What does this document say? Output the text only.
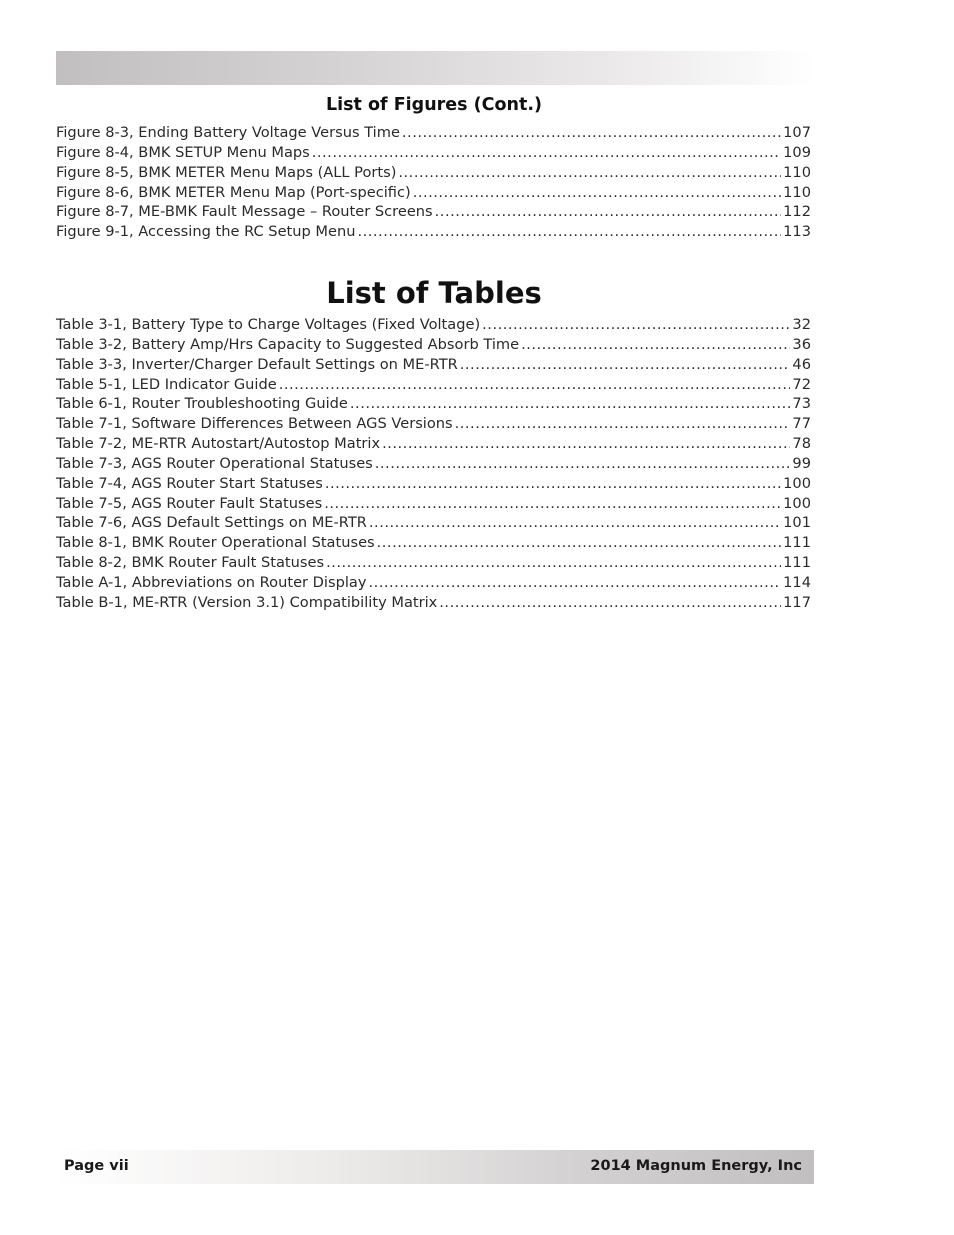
List of Figures (Cont.)
Figure 8-3, Ending Battery Voltage Versus Time .....	107
Figure 8-4, BMK SETUP Menu Maps .....	109
Figure 8-5, BMK METER Menu Maps (ALL Ports) .....	110
Figure 8-6, BMK METER Menu Map (Port-specific) .....	110
Figure 8-7, ME-BMK Fault Message – Router Screens .....	112
Figure 9-1, Accessing the RC Setup Menu .....	113
List of Tables
Table 3-1, Battery Type to Charge Voltages (Fixed Voltage) .....	32
Table 3-2, Battery Amp/Hrs Capacity to Suggested Absorb Time .....	36
Table 3-3, Inverter/Charger Default Settings on ME-RTR .....	46
Table 5-1, LED Indicator Guide .....	72
Table 6-1, Router Troubleshooting Guide .....	73
Table 7-1, Software Differences Between AGS Versions .....	77
Table 7-2, ME-RTR Autostart/Autostop Matrix .....	78
Table 7-3, AGS Router Operational Statuses .....	99
Table 7-4, AGS Router Start Statuses .....	100
Table 7-5, AGS Router Fault Statuses .....	100
Table 7-6, AGS Default Settings on ME-RTR .....	101
Table 8-1, BMK Router Operational Statuses .....	111
Table 8-2, BMK Router Fault Statuses .....	111
Table A-1, Abbreviations on Router Display .....	114
Table B-1, ME-RTR (Version 3.1) Compatibility Matrix .....	117
Page vii	2014 Magnum Energy, Inc
